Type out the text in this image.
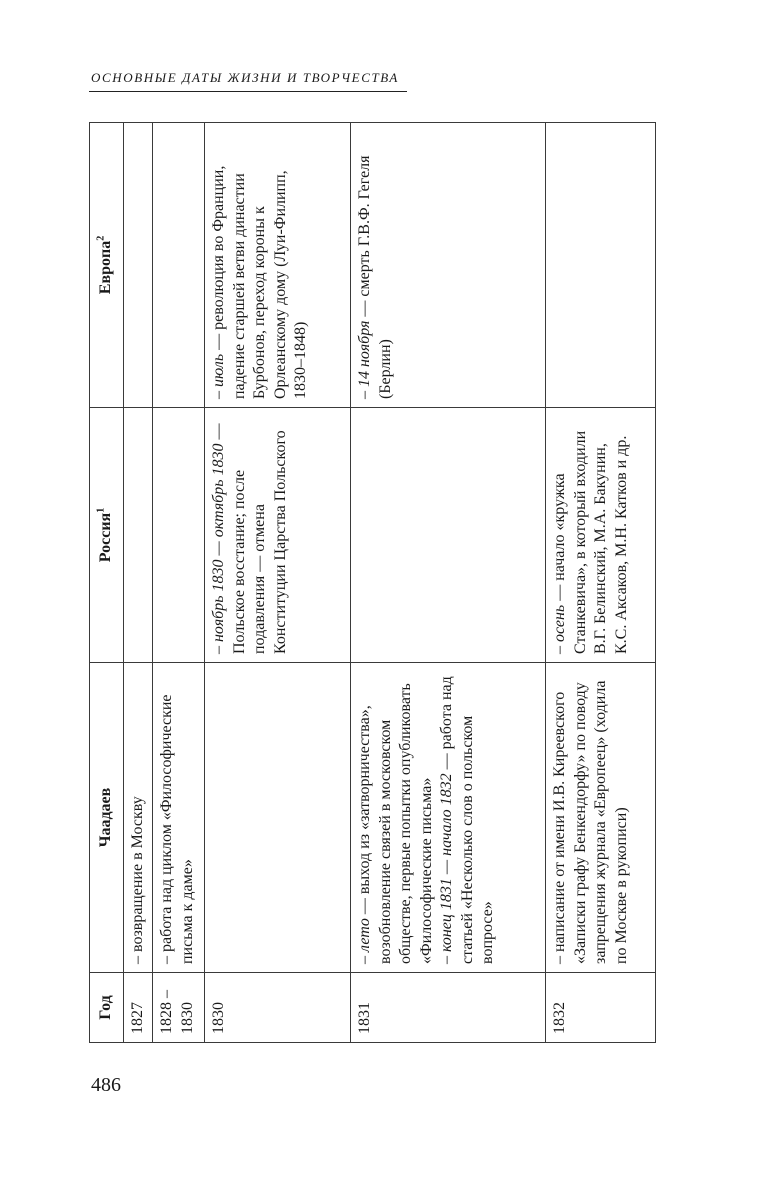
ОСНОВНЫЕ ДАТЫ ЖИЗНИ И ТВОРЧЕСТВА
Год	Чаадаев	Россия$^1$	Европа$^2$
1827	– возвращение в Москву		

1828 – 1830	– работа над циклом «Философические письма к даме»		

1830		– ноябрь 1830 — октябрь 1830 — Польское восстание; после подавления — отмена Конституции Царства Польского	– июль — революция во Франции, падение старшей ветви династии Бурбонов, переход короны к Орлеанскому дому (Луи-Филипп, 1830–1848)

1831	– лето — выход из «затворничества», возобновление связей в московском обществе, первые попытки опубликовать «Философические письма» – конец 1831 — начало 1832 — работа над статьей «Несколько слов о польском вопросе»		– 14 ноября — смерть Г.В.Ф. Гегеля (Берлин)

1832	– написание от имени И.В. Киреевского «Записки графу Бенкендорфу» по поводу запрещения журнала «Европеец» (ходила по Москве в рукописи)	– осень — начало «кружка Станкевича», в который входили В.Г. Белинский, М.А. Бакунин, К.С. Аксаков, М.Н. Катков и др.	

486
